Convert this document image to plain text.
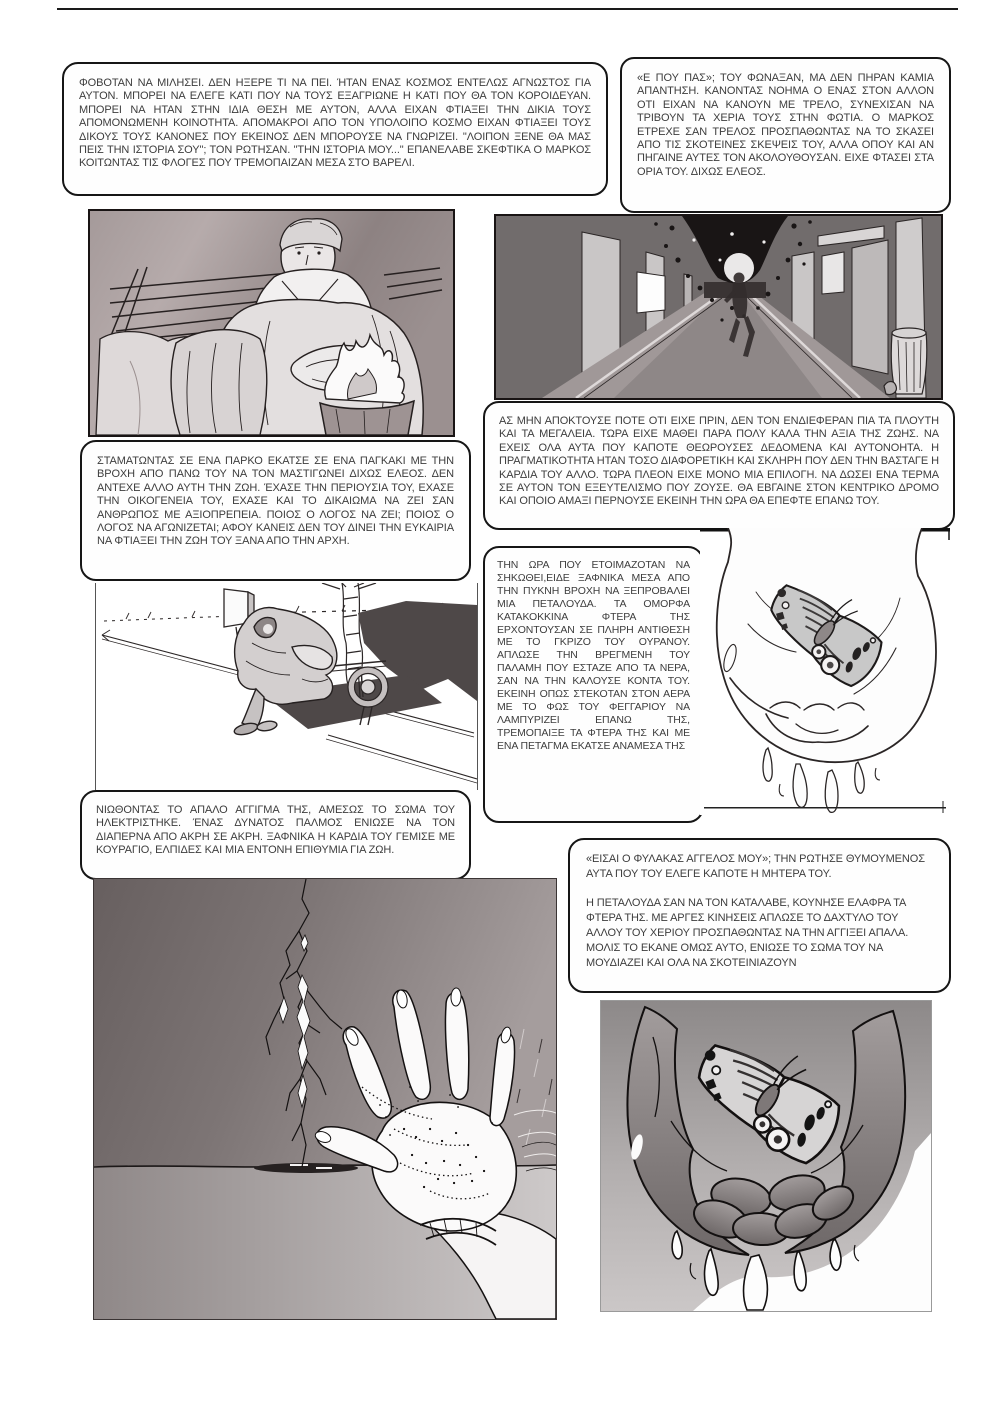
ΦΟΒΟΤΑΝ ΝΑ ΜΙΛΗΣΕΙ. ΔΕΝ ΗΞΕΡΕ ΤΙ ΝΑ ΠΕΙ. ΉΤΑΝ ΕΝΑΣ ΚΟΣΜΟΣ ΕΝΤΕΛΩΣ ΑΓΝΩΣΤΟΣ ΓΙΑ ΑΥΤΟΝ. ΜΠΟΡΕΙ ΝΑ ΕΛΕΓΕ ΚΑΤΙ ΠΟΥ ΝΑ ΤΟΥΣ ΕΞΑΓΡΙΩΝΕ Η ΚΑΤΙ ΠΟΥ ΘΑ ΤΟΝ ΚΟΡΟΙΔΕΥΑΝ. ΜΠΟΡΕΙ ΝΑ ΗΤΑΝ ΣΤΗΝ ΙΔΙΑ ΘΕΣΗ ΜΕ ΑΥΤΟΝ, ΑΛΛΑ ΕΙΧΑΝ ΦΤΙΑΞΕΙ ΤΗΝ ΔΙΚΙΑ ΤΟΥΣ ΑΠΟΜΟΝΩΜΕΝΗ ΚΟΙΝΟΤΗΤΑ. ΑΠΟΜΑΚΡΟΙ ΑΠΟ ΤΟΝ ΥΠΟΛΟΙΠΟ ΚΟΣΜΟ ΕΙΧΑΝ ΦΤΙΑΞΕΙ ΤΟΥΣ ΔΙΚΟΥΣ ΤΟΥΣ ΚΑΝΟΝΕΣ ΠΟΥ ΕΚΕΙΝΟΣ ΔΕΝ ΜΠΟΡΟΥΣΕ ΝΑ ΓΝΩΡΙΖΕΙ. "ΛΟΙΠΟΝ ΞΕΝΕ ΘΑ ΜΑΣ ΠΕΙΣ ΤΗΝ ΙΣΤΟΡΙΑ ΣΟΥ"; ΤΟΝ ΡΩΤΗΣΑΝ. "ΤΗΝ ΙΣΤΟΡΙΑ ΜΟΥ..." ΕΠΑΝΕΛΑΒΕ ΣΚΕΦΤΙΚΑ Ο ΜΑΡΚΟΣ ΚΟΙΤΩΝΤΑΣ ΤΙΣ ΦΛΟΓΕΣ ΠΟΥ ΤΡΕΜΟΠΑΙΖΑΝ ΜΕΣΑ ΣΤΟ ΒΑΡΕΛΙ.
«Ε ΠΟΥ ΠΑΣ»; ΤΟΥ ΦΩΝΑΞΑΝ, ΜΑ ΔΕΝ ΠΗΡΑΝ ΚΑΜΙΑ ΑΠΑΝΤΗΣΗ. ΚΑΝΟΝΤΑΣ ΝΟΗΜΑ Ο ΕΝΑΣ ΣΤΟΝ ΑΛΛΟΝ ΟΤΙ ΕΙΧΑΝ ΝΑ ΚΑΝΟΥΝ ΜΕ ΤΡΕΛΟ, ΣΥΝΕΧΙΣΑΝ ΝΑ ΤΡΙΒΟΥΝ ΤΑ ΧΕΡΙΑ ΤΟΥΣ ΣΤΗΝ ΦΩΤΙΑ. Ο ΜΑΡΚΟΣ ΕΤΡΕΧΕ ΣΑΝ ΤΡΕΛΟΣ ΠΡΟΣΠΑΘΩΝΤΑΣ ΝΑ ΤΟ ΣΚΑΣΕΙ ΑΠΟ ΤΙΣ ΣΚΟΤΕΙΝΕΣ ΣΚΕΨΕΙΣ ΤΟΥ, ΑΛΛΑ ΟΠΟΥ ΚΑΙ ΑΝ ΠΗΓΑΙΝΕ ΑΥΤΕΣ ΤΟΝ ΑΚΟΛΟΥΘΟΥΣΑΝ. ΕΙΧΕ ΦΤΑΣΕΙ ΣΤΑ ΟΡΙΑ ΤΟΥ. ΔΙΧΩΣ ΕΛΕΟΣ.
ΣΤΑΜΑΤΩΝΤΑΣ ΣΕ ΕΝΑ ΠΑΡΚΟ ΕΚΑΤΣΕ ΣΕ ΕΝΑ ΠΑΓΚΑΚΙ ΜΕ ΤΗΝ ΒΡΟΧΗ ΑΠΟ ΠΑΝΩ ΤΟΥ ΝΑ ΤΟΝ ΜΑΣΤΙΓΩΝΕΙ ΔΙΧΩΣ ΕΛΕΟΣ. ΔΕΝ ΑΝΤΕΧΕ ΑΛΛΟ ΑΥΤΗ ΤΗΝ ΖΩΗ. ΈΧΑΣΕ ΤΗΝ ΠΕΡΙΟΥΣΙΑ ΤΟΥ, ΕΧΑΣΕ ΤΗΝ ΟΙΚΟΓΕΝΕΙΑ ΤΟΥ, ΕΧΑΣΕ ΚΑΙ ΤΟ ΔΙΚΑΙΩΜΑ ΝΑ ΖΕΙ ΣΑΝ ΑΝΘΡΩΠΟΣ ΜΕ ΑΞΙΟΠΡΕΠΕΙΑ. ΠΟΙΟΣ Ο ΛΟΓΟΣ ΝΑ ΖΕΙ; ΠΟΙΟΣ Ο ΛΟΓΟΣ ΝΑ ΑΓΩΝΙΖΕΤΑΙ; ΑΦΟΥ ΚΑΝΕΙΣ ΔΕΝ ΤΟΥ ΔΙΝΕΙ ΤΗΝ ΕΥΚΑΙΡΙΑ ΝΑ ΦΤΙΑΞΕΙ ΤΗΝ ΖΩΗ ΤΟΥ ΞΑΝΑ ΑΠΟ ΤΗΝ ΑΡΧΗ.
ΑΣ ΜΗΝ ΑΠΟΚΤΟΥΣΕ ΠΟΤΕ ΟΤΙ ΕΙΧΕ ΠΡΙΝ, ΔΕΝ ΤΟΝ ΕΝΔΙΕΦΕΡΑΝ ΠΙΑ ΤΑ ΠΛΟΥΤΗ ΚΑΙ ΤΑ ΜΕΓΑΛΕΙΑ. ΤΩΡΑ ΕΙΧΕ ΜΑΘΕΙ ΠΑΡΑ ΠΟΛΥ ΚΑΛΑ ΤΗΝ ΑΞΙΑ ΤΗΣ ΖΩΗΣ. ΝΑ ΕΧΕΙΣ ΟΛΑ ΑΥΤΑ ΠΟΥ ΚΑΠΟΤΕ ΘΕΩΡΟΥΣΕΣ ΔΕΔΟΜΕΝΑ ΚΑΙ ΑΥΤΟΝΟΗΤΑ. Η ΠΡΑΓΜΑΤΙΚΟΤΗΤΑ ΗΤΑΝ ΤΟΣΟ ΔΙΑΦΟΡΕΤΙΚΗ ΚΑΙ ΣΚΛΗΡΗ ΠΟΥ ΔΕΝ ΤΗΝ ΒΑΣΤΑΓΕ Η ΚΑΡΔΙΑ ΤΟΥ ΑΛΛΟ. ΤΩΡΑ ΠΛΕΟΝ ΕΙΧΕ ΜΟΝΟ ΜΙΑ ΕΠΙΛΟΓΗ. ΝΑ ΔΩΣΕΙ ΕΝΑ ΤΕΡΜΑ ΣΕ ΑΥΤΟΝ ΤΟΝ ΕΞΕΥΤΕΛΙΣΜΟ ΠΟΥ ΖΟΥΣΕ. ΘΑ ΕΒΓΑΙΝΕ ΣΤΟΝ ΚΕΝΤΡΙΚΟ ΔΡΟΜΟ ΚΑΙ ΟΠΟΙΟ ΑΜΑΞΙ ΠΕΡΝΟΥΣΕ ΕΚΕΙΝΗ ΤΗΝ ΩΡΑ ΘΑ ΕΠΕΦΤΕ ΕΠΑΝΩ ΤΟΥ.
ΤΗΝ ΩΡΑ ΠΟΥ ΕΤΟΙΜΑΖΟΤΑΝ ΝΑ ΣΗΚΩΘΕΙ,ΕΙΔΕ ΞΑΦΝΙΚΑ ΜΕΣΑ ΑΠΟ ΤΗΝ ΠΥΚΝΗ ΒΡΟΧΗ ΝΑ ΞΕΠΡΟΒΑΛΕΙ ΜΙΑ ΠΕΤΑΛΟΥΔΑ. ΤΑ ΟΜΟΡΦΑ ΚΑΤΑΚΟΚΚΙΝΑ ΦΤΕΡΑ ΤΗΣ ΕΡΧΟΝΤΟΥΣΑΝ ΣΕ ΠΛΗΡΗ ΑΝΤΙΘΕΣΗ ΜΕ ΤΟ ΓΚΡΙΖΟ ΤΟΥ ΟΥΡΑΝΟΥ. ΑΠΛΩΣΕ ΤΗΝ ΒΡΕΓΜΕΝΗ ΤΟΥ ΠΑΛΑΜΗ ΠΟΥ ΕΣΤΑΖΕ ΑΠΟ ΤΑ ΝΕΡΑ, ΣΑΝ ΝΑ ΤΗΝ ΚΑΛΟΥΣΕ ΚΟΝΤΑ ΤΟΥ. ΕΚΕΙΝΗ ΟΠΩΣ ΣΤΕΚΟΤΑΝ ΣΤΟΝ ΑΕΡΑ ΜΕ ΤΟ ΦΩΣ ΤΟΥ ΦΕΓΓΑΡΙΟΥ ΝΑ ΛΑΜΠΥΡΙΖΕΙ ΕΠΑΝΩ ΤΗΣ, ΤΡΕΜΟΠΑΙΞΕ ΤΑ ΦΤΕΡΑ ΤΗΣ ΚΑΙ ΜΕ ΕΝΑ ΠΕΤΑΓΜΑ ΕΚΑΤΣΕ ΑΝΑΜΕΣΑ ΤΗΣ
ΝΙΩΘΟΝΤΑΣ ΤΟ ΑΠΑΛΟ ΑΓΓΙΓΜΑ ΤΗΣ, ΑΜΕΣΩΣ ΤΟ ΣΩΜΑ ΤΟΥ ΗΛΕΚΤΡΙΣΤΗΚΕ. ΈΝΑΣ ΔΥΝΑΤΟΣ ΠΑΛΜΟΣ ΕΝΙΩΣΕ ΝΑ ΤΟΝ ΔΙΑΠΕΡΝΑ ΑΠΟ ΑΚΡΗ ΣΕ ΑΚΡΗ. ΞΑΦΝΙΚΑ Η ΚΑΡΔΙΑ ΤΟΥ ΓΕΜΙΣΕ ΜΕ ΚΟΥΡΑΓΙΟ, ΕΛΠΙΔΕΣ ΚΑΙ ΜΙΑ ΕΝΤΟΝΗ ΕΠΙΘΥΜΙΑ ΓΙΑ ΖΩΗ.
«ΕΙΣΑΙ Ο ΦΥΛΑΚΑΣ ΑΓΓΕΛΟΣ ΜΟΥ»; ΤΗΝ ΡΩΤΗΣΕ ΘΥΜΟΥΜΕΝΟΣ ΑΥΤΑ ΠΟΥ ΤΟΥ ΕΛΕΓΕ ΚΑΠΟΤΕ Η ΜΗΤΕΡΑ ΤΟΥ.
Η ΠΕΤΑΛΟΥΔΑ ΣΑΝ ΝΑ ΤΟΝ ΚΑΤΑΛΑΒΕ, ΚΟΥΝΗΣΕ ΕΛΑΦΡΑ ΤΑ ΦΤΕΡΑ ΤΗΣ. ΜΕ ΑΡΓΕΣ ΚΙΝΗΣΕΙΣ ΑΠΛΩΣΕ ΤΟ ΔΑΧΤΥΛΟ ΤΟΥ ΑΛΛΟΥ ΤΟΥ ΧΕΡΙΟΥ ΠΡΟΣΠΑΘΩΝΤΑΣ ΝΑ ΤΗΝ ΑΓΓΙΞΕΙ ΑΠΑΛΑ. ΜΟΛΙΣ ΤΟ ΕΚΑΝΕ ΟΜΩΣ ΑΥΤΟ, ΕΝΙΩΣΕ ΤΟ ΣΩΜΑ ΤΟΥ ΝΑ ΜΟΥΔΙΑΖΕΙ ΚΑΙ ΟΛΑ ΝΑ ΣΚΟΤΕΙΝΙΑΖΟΥΝ
